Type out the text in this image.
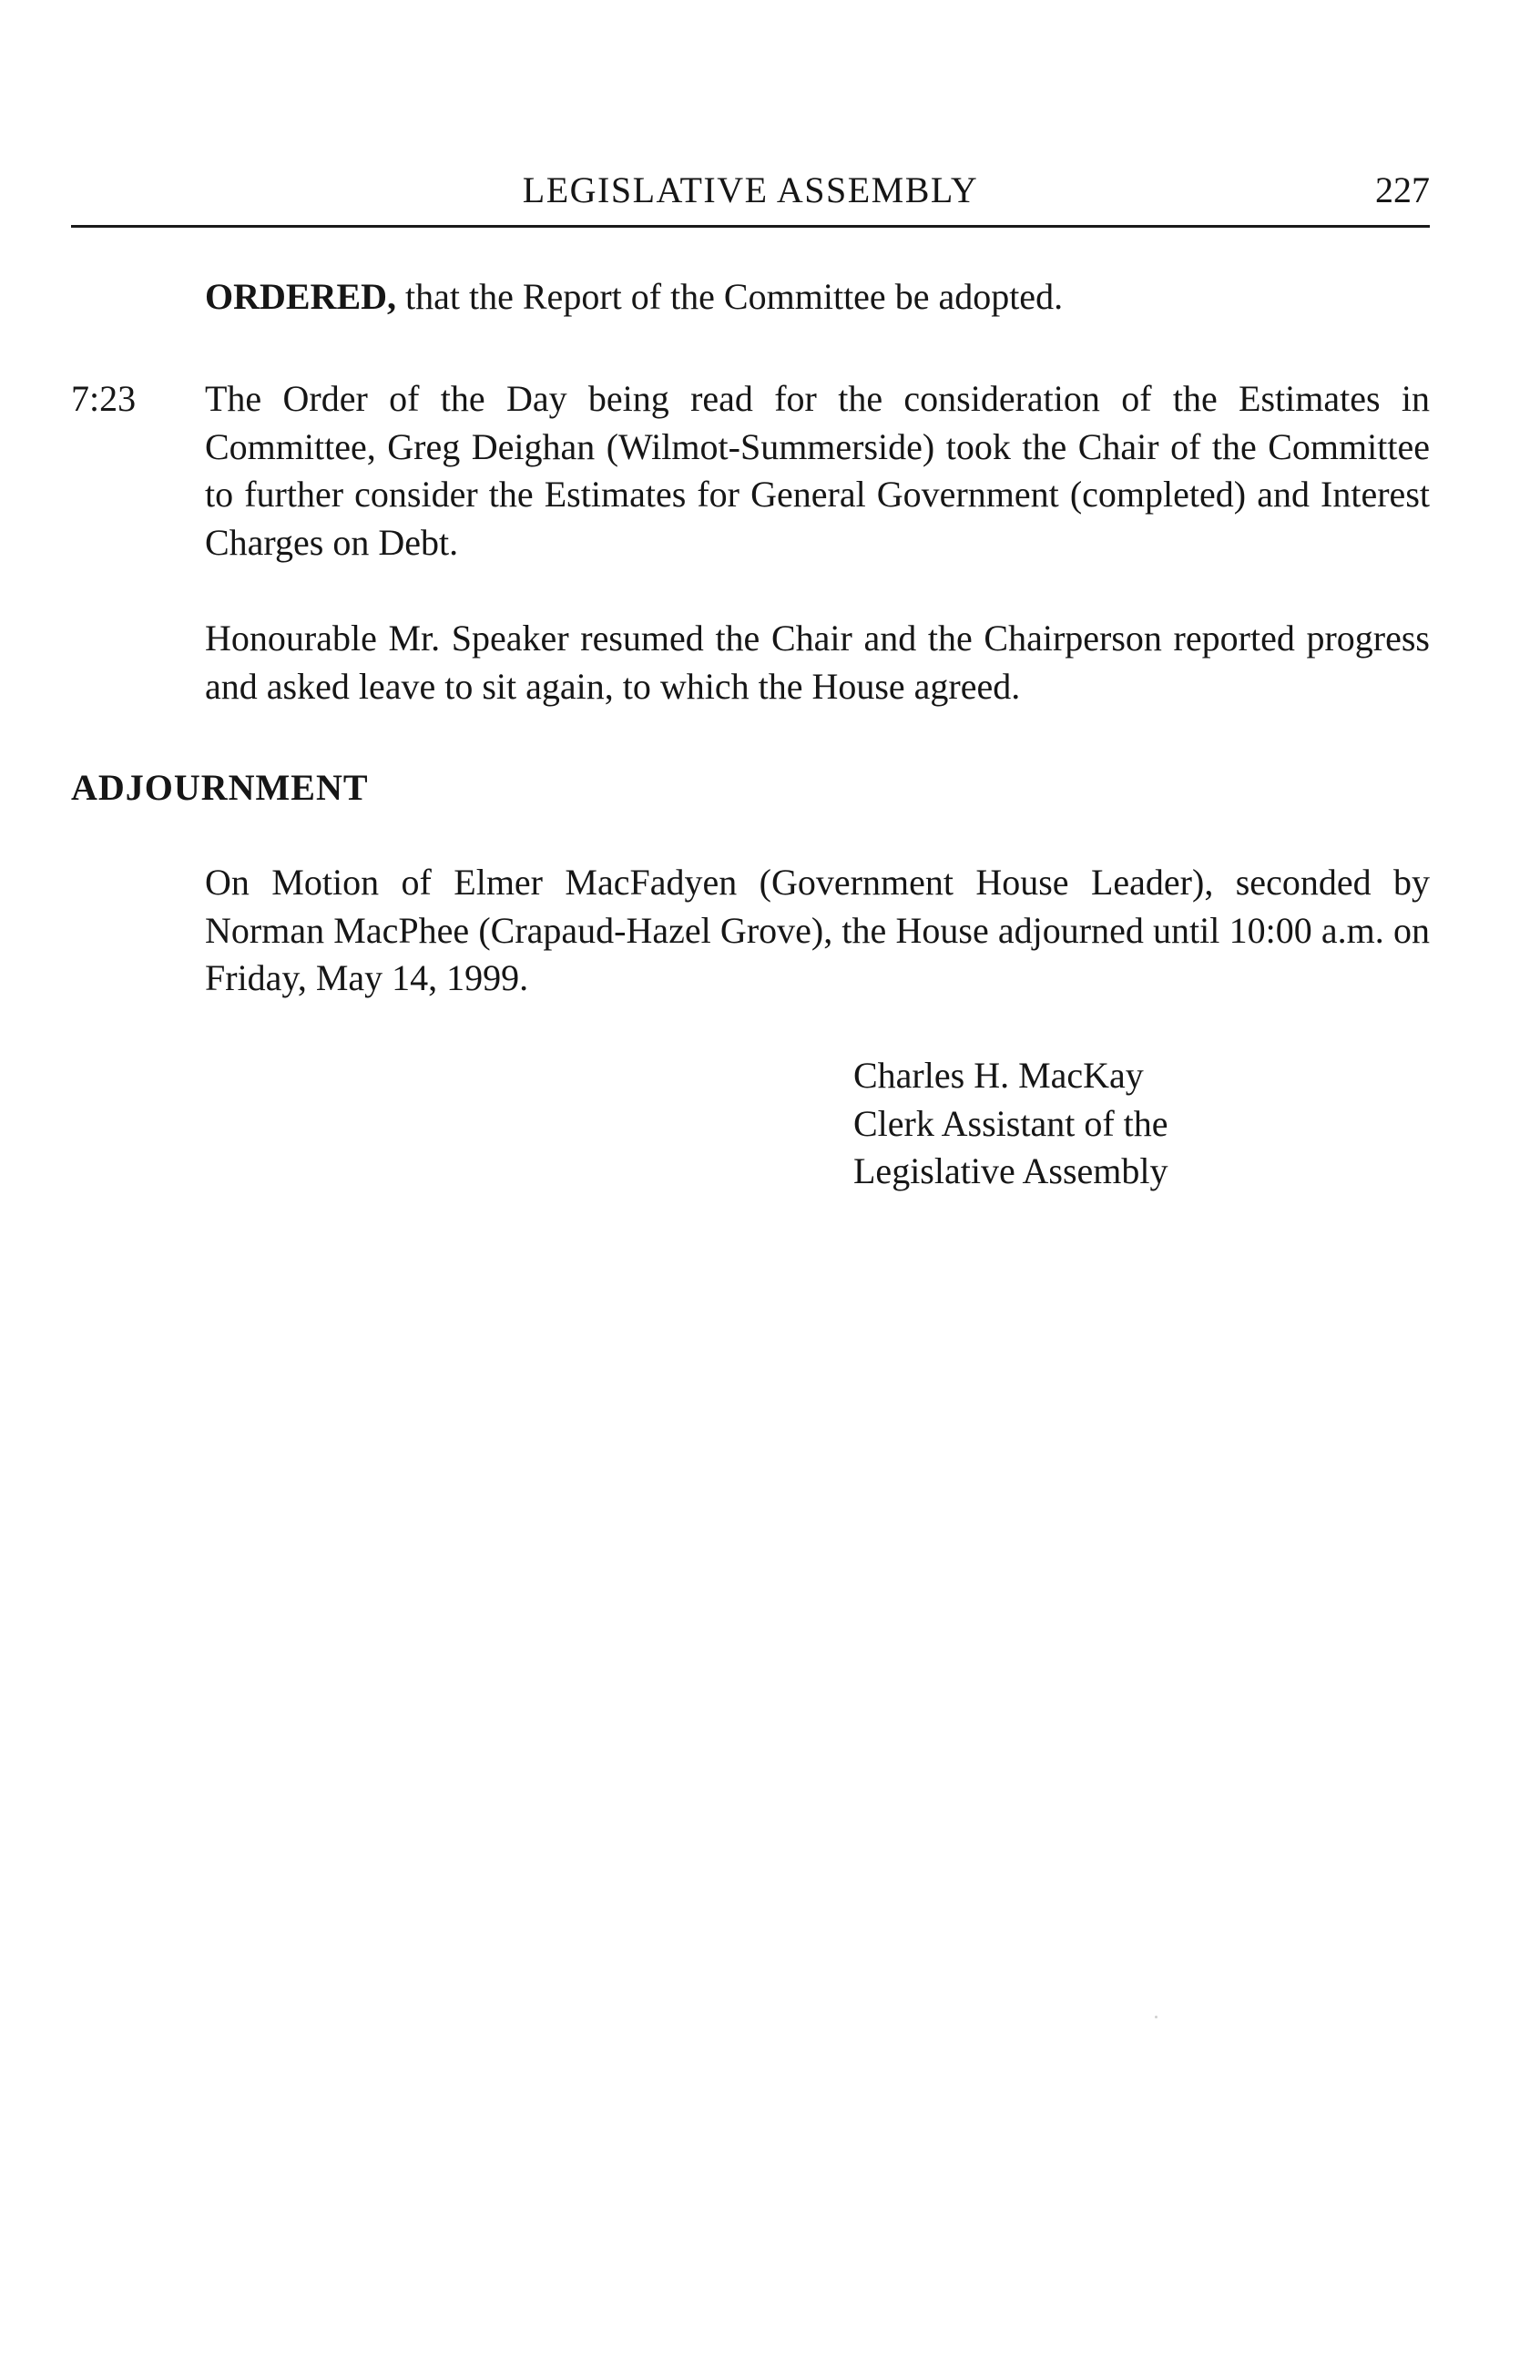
LEGISLATIVE ASSEMBLY	227
ORDERED, that the Report of the Committee be adopted.
7:23 The Order of the Day being read for the consideration of the Estimates in Committee, Greg Deighan (Wilmot-Summerside) took the Chair of the Committee to further consider the Estimates for General Government (completed) and Interest Charges on Debt.
Honourable Mr. Speaker resumed the Chair and the Chairperson reported progress and asked leave to sit again, to which the House agreed.
ADJOURNMENT
On Motion of Elmer MacFadyen (Government House Leader), seconded by Norman MacPhee (Crapaud-Hazel Grove), the House adjourned until 10:00 a.m. on Friday, May 14, 1999.
Charles H. MacKay
Clerk Assistant of the
Legislative Assembly
